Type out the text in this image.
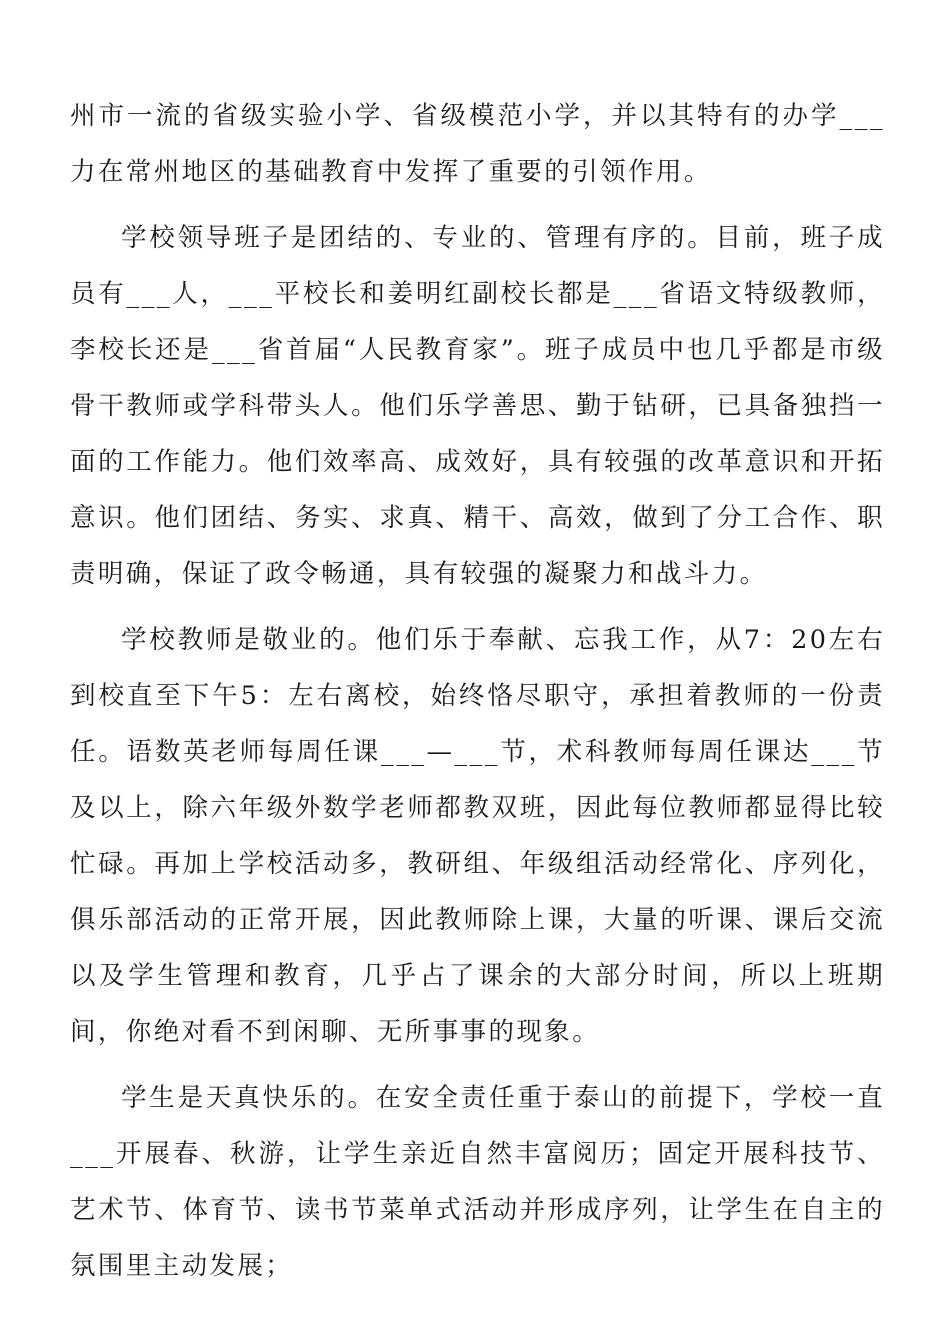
州市一流的省级实验小学、省级模范小学，并以其特有的办学___力在常州地区的基础教育中发挥了重要的引领作用。

学校领导班子是团结的、专业的、管理有序的。目前，班子成员有___人，___平校长和姜明红副校长都是___省语文特级教师，李校长还是___省首届“人民教育家”。班子成员中也几乎都是市级骨干教师或学科带头人。他们乐学善思、勤于钻研，已具备独挡一面的工作能力。他们效率高、成效好，具有较强的改革意识和开拓意识。他们团结、务实、求真、精干、高效，做到了分工合作、职责明确，保证了政令畅通，具有较强的凝聚力和战斗力。

学校教师是敬业的。他们乐于奉献、忘我工作，从7：20左右到校直至下午5：左右离校，始终恪尽职守，承担着教师的一份责任。语数英老师每周任课___—___节，术科教师每周任课达___节及以上，除六年级外数学老师都教双班，因此每位教师都显得比较忙碌。再加上学校活动多，教研组、年级组活动经常化、序列化，俱乐部活动的正常开展，因此教师除上课，大量的听课、课后交流以及学生管理和教育，几乎占了课余的大部分时间，所以上班期间，你绝对看不到闲聊、无所事事的现象。

学生是天真快乐的。在安全责任重于泰山的前提下，学校一直___开展春、秋游，让学生亲近自然丰富阅历；固定开展科技节、艺术节、体育节、读书节菜单式活动并形成序列，让学生在自主的氛围里主动发展；
